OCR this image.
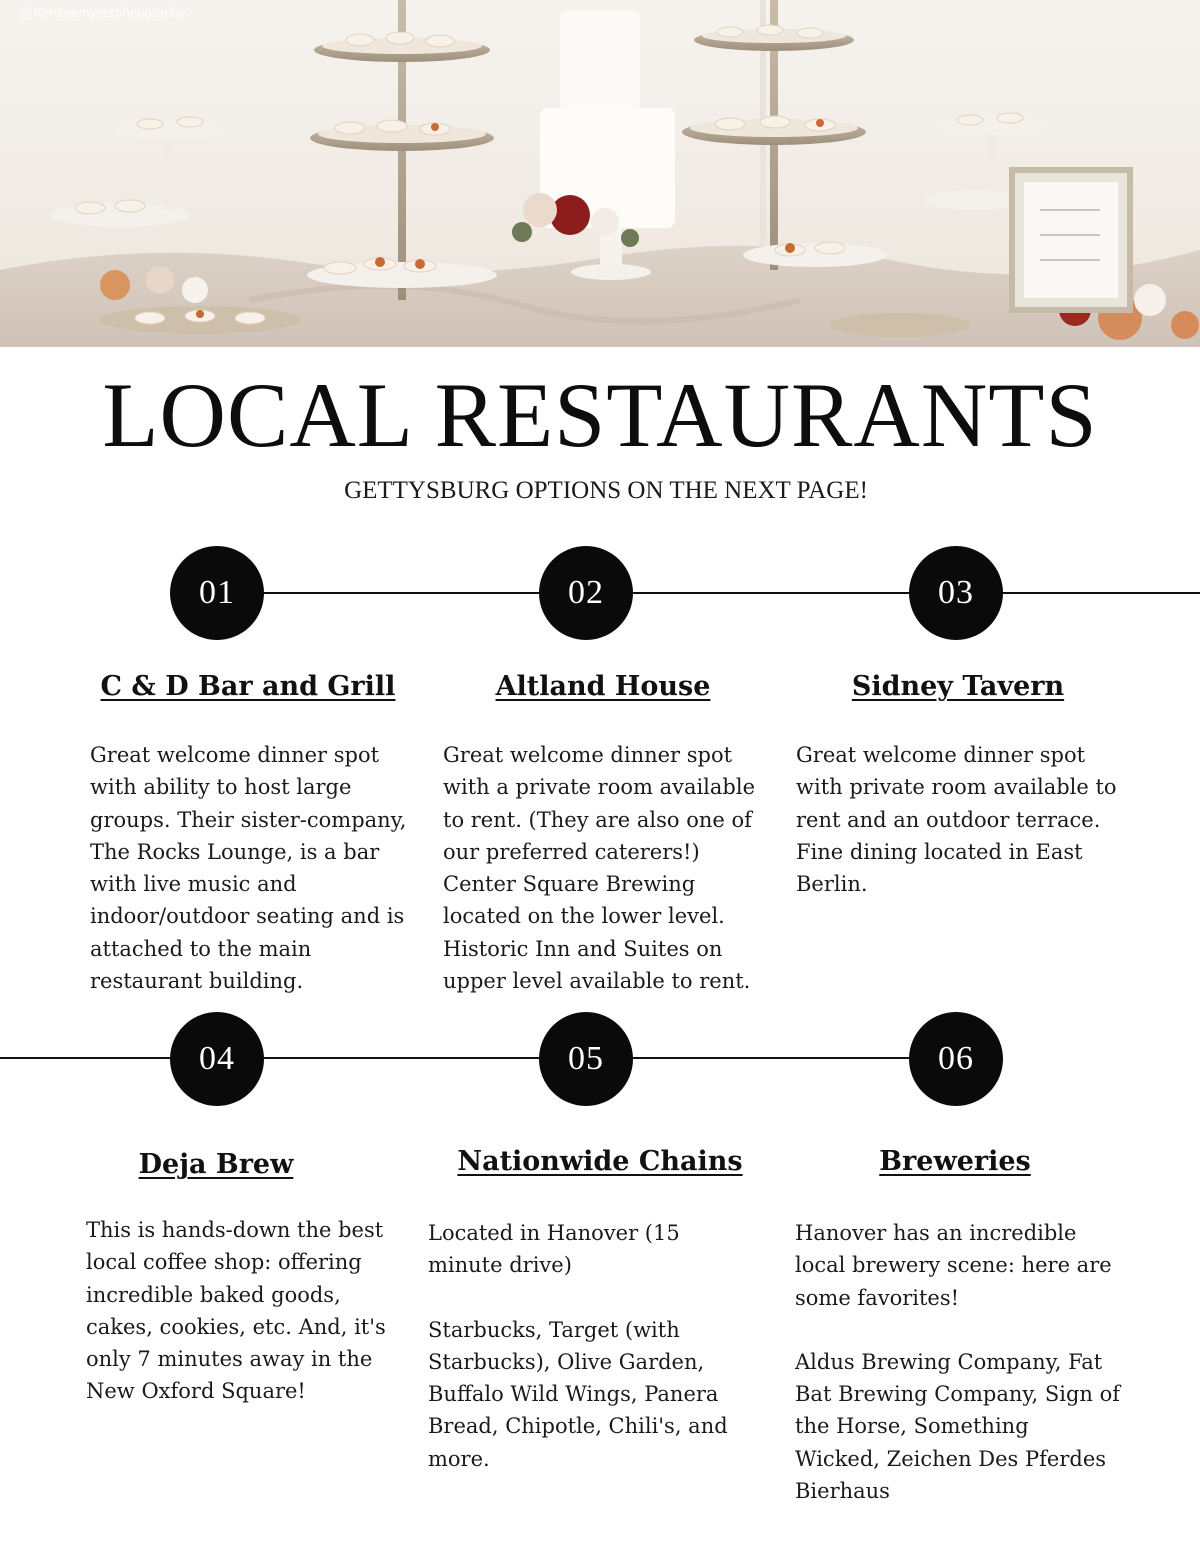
@Kenzeemyersphoography
LOCAL RESTAURANTS
GETTYSBURG OPTIONS ON THE NEXT PAGE!
01	02	03
C & D Bar and Grill

Great welcome dinner spot with ability to host large groups. Their sister-company, The Rocks Lounge, is a bar with live music and indoor/outdoor seating and is attached to the main restaurant building.

Altland House

Great welcome dinner spot with a private room available to rent. (They are also one of our preferred caterers!) Center Square Brewing located on the lower level. Historic Inn and Suites on upper level available to rent.

Sidney Tavern

Great welcome dinner spot with private room available to rent and an outdoor terrace. Fine dining located in East Berlin.

04	05	06
Deja Brew

This is hands-down the best local coffee shop: offering incredible baked goods, cakes, cookies, etc. And, it's only 7 minutes away in the New Oxford Square!

Nationwide Chains

Located in Hanover (15 minute drive)

Starbucks, Target (with Starbucks), Olive Garden, Buffalo Wild Wings, Panera Bread, Chipotle, Chili's, and more.

Breweries

Hanover has an incredible local brewery scene: here are some favorites!

Aldus Brewing Company, Fat Bat Brewing Company, Sign of the Horse, Something Wicked, Zeichen Des Pferdes Bierhaus
